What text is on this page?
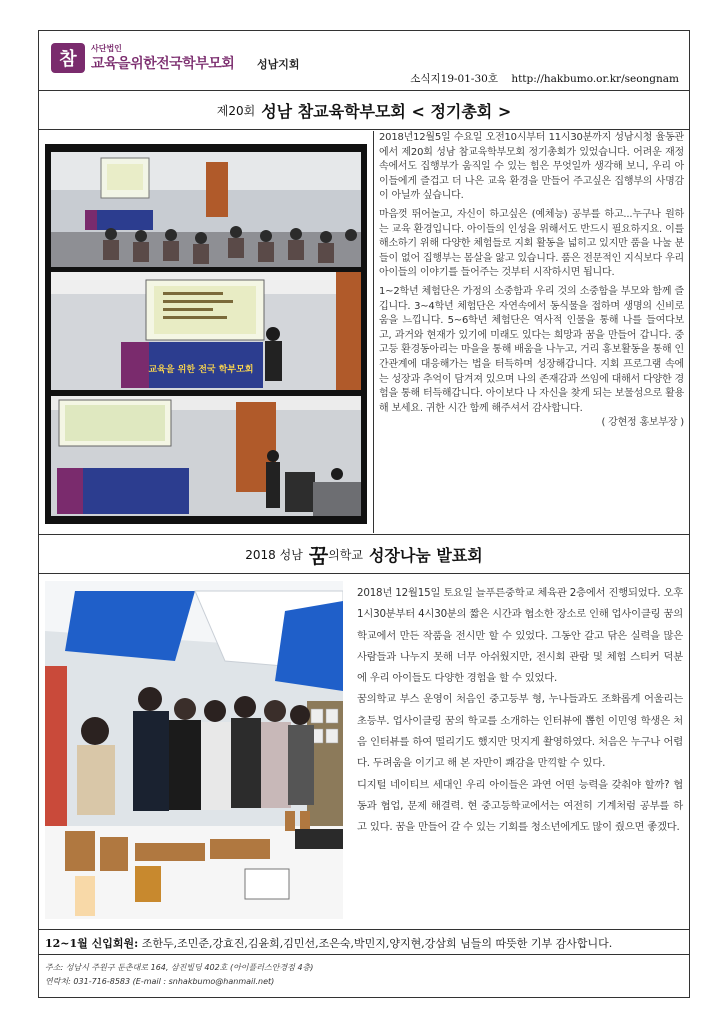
참
사단법인
교육을위한전국학부모회 성남지회
소식지19-01-30호 http://hakbumo.or.kr/seongnam
제20회 성남 참교육학부모회 < 정기총회 >
교육을 위한 전국 학부모회

2018년12월5일 수요일 오전10시부터 11시30분까지 성남시청 율동관에서 제20회 성남 참교육학부모회 정기총회가 있었습니다. 어려운 재정 속에서도 집행부가 움직일 수 있는 힘은 무엇일까 생각해 보니, 우리 아이들에게 즐겁고 더 나은 교육 환경을 만들어 주고싶은 집행부의 사명감이 아닐까 싶습니다.

마음껏 뛰어놀고, 자신이 하고싶은 (예체능) 공부를 하고...누구나 원하는 교육 환경입니다. 아이들의 인성을 위해서도 반드시 필요하지요. 이를 해소하기 위해 다양한 체험들로 지회 활동을 넓히고 있지만 품을 나눌 분들이 없어 집행부는 몸살을 앓고 있습니다. 품은 전문적인 지식보다 우리 아이들의 이야기를 들어주는 것부터 시작하시면 됩니다.

1~2학년 체험단은 가정의 소중함과 우리 것의 소중함을 부모와 함께 즐깁니다. 3~4학년 체험단은 자연속에서 동식물을 접하며 생명의 신비로움을 느낍니다. 5~6학년 체험단은 역사적 인물을 통해 나를 들여다보고, 과거와 현재가 있기에 미래도 있다는 희망과 꿈을 만들어 갑니다. 중고등 환경동아리는 마을을 통해 배움을 나누고, 거리 홍보활동을 통해 인간관계에 대응해가는 법을 터득하며 성장해갑니다. 지회 프로그램 속에는 성장과 추억이 담겨져 있으며 나의 존재감과 쓰임에 대해서 다양한 경험을 통해 터득해갑니다. 아이보다 나 자신을 찾게 되는 보물섬으로 활용해 보세요. 귀한 시간 함께 해주셔서 감사합니다.

( 강현정 홍보부장 )

2018 성남 꿈 의학교 성장나눔 발표회

2018년 12월15일 토요일 늘푸른중학교 체육관 2층에서 진행되었다. 오후1시30분부터 4시30분의 짧은 시간과 협소한 장소로 인해 업사이클링 꿈의 학교에서 만든 작품을 전시만 할 수 있었다. 그동안 갈고 닦은 실력을 많은 사람들과 나누지 못해 너무 아쉬웠지만, 전시회 관람 및 체험 스티커 덕분에 우리 아이들도 다양한 경험을 할 수 있었다.

꿈의학교 부스 운영이 처음인 중고등부 형, 누나들과도 조화롭게 어울리는 초등부. 업사이클링 꿈의 학교를 소개하는 인터뷰에 뽑힌 이민영 학생은 처음 인터뷰를 하여 떨리기도 했지만 멋지게 촬영하였다. 처음은 누구나 어렵다. 두려움을 이기고 해 본 자만이 쾌감을 만끽할 수 있다.

디지털 네이티브 세대인 우리 아이들은 과연 어떤 능력을 갖춰야 할까? 협동과 협업, 문제 해결력. 현 중고등학교에서는 여전히 기계처럼 공부를 하고 있다. 꿈을 만들어 갈 수 있는 기회를 청소년에게도 많이 줬으면 좋겠다.

12~1월 신입회원: 조한두,조민준,강효진,김윤희,김민선,조은숙,박민지,양지현,강삼희 님들의 따뜻한 기부 감사합니다.
주소: 성남시 주원구 둔촌대로 164, 삼진빌딩 402호 (아이플러스안경점 4층)
연락처: 031-716-8583 (E-mail : snhakbumo@hanmail.net)
